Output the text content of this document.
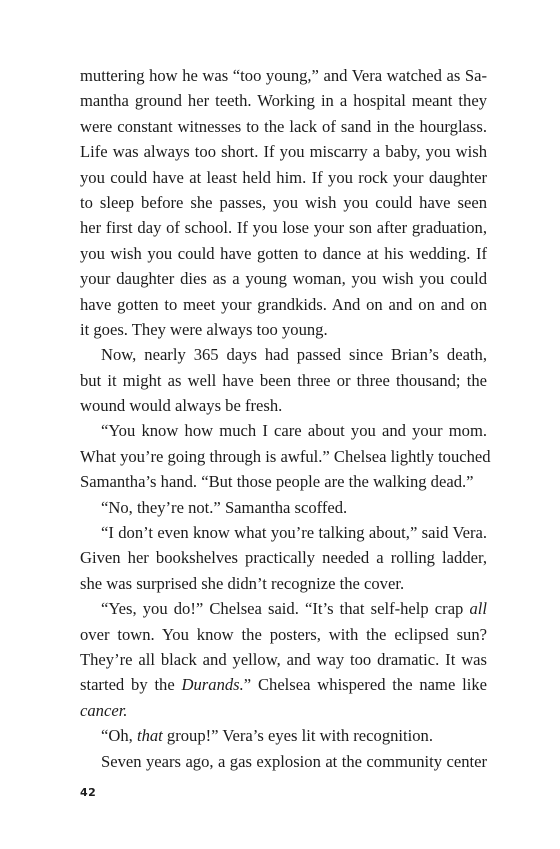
muttering how he was “too young,” and Vera watched as Sa-
mantha ground her teeth. Working in a hospital meant they
were constant witnesses to the lack of sand in the hourglass.
Life was always too short. If you miscarry a baby, you wish
you could have at least held him. If you rock your daughter
to sleep before she passes, you wish you could have seen
her first day of school. If you lose your son after graduation,
you wish you could have gotten to dance at his wedding. If
your daughter dies as a young woman, you wish you could
have gotten to meet your grandkids. And on and on and on
it goes. They were always too young.
Now, nearly 365 days had passed since Brian’s death,
but it might as well have been three or three thousand; the
wound would always be fresh.
“You know how much I care about you and your mom.
What you’re going through is awful.” Chelsea lightly touched
Samantha’s hand. “But those people are the walking dead.”
“No, they’re not.” Samantha scoffed.
“I don’t even know what you’re talking about,” said Vera.
Given her bookshelves practically needed a rolling ladder,
she was surprised she didn’t recognize the cover.
“Yes, you do!” Chelsea said. “It’s that self-help crap all
over town. You know the posters, with the eclipsed sun?
They’re all black and yellow, and way too dramatic. It was
started by the Durands.” Chelsea whispered the name like
cancer.
“Oh, that group!” Vera’s eyes lit with recognition.
Seven years ago, a gas explosion at the community center
42
